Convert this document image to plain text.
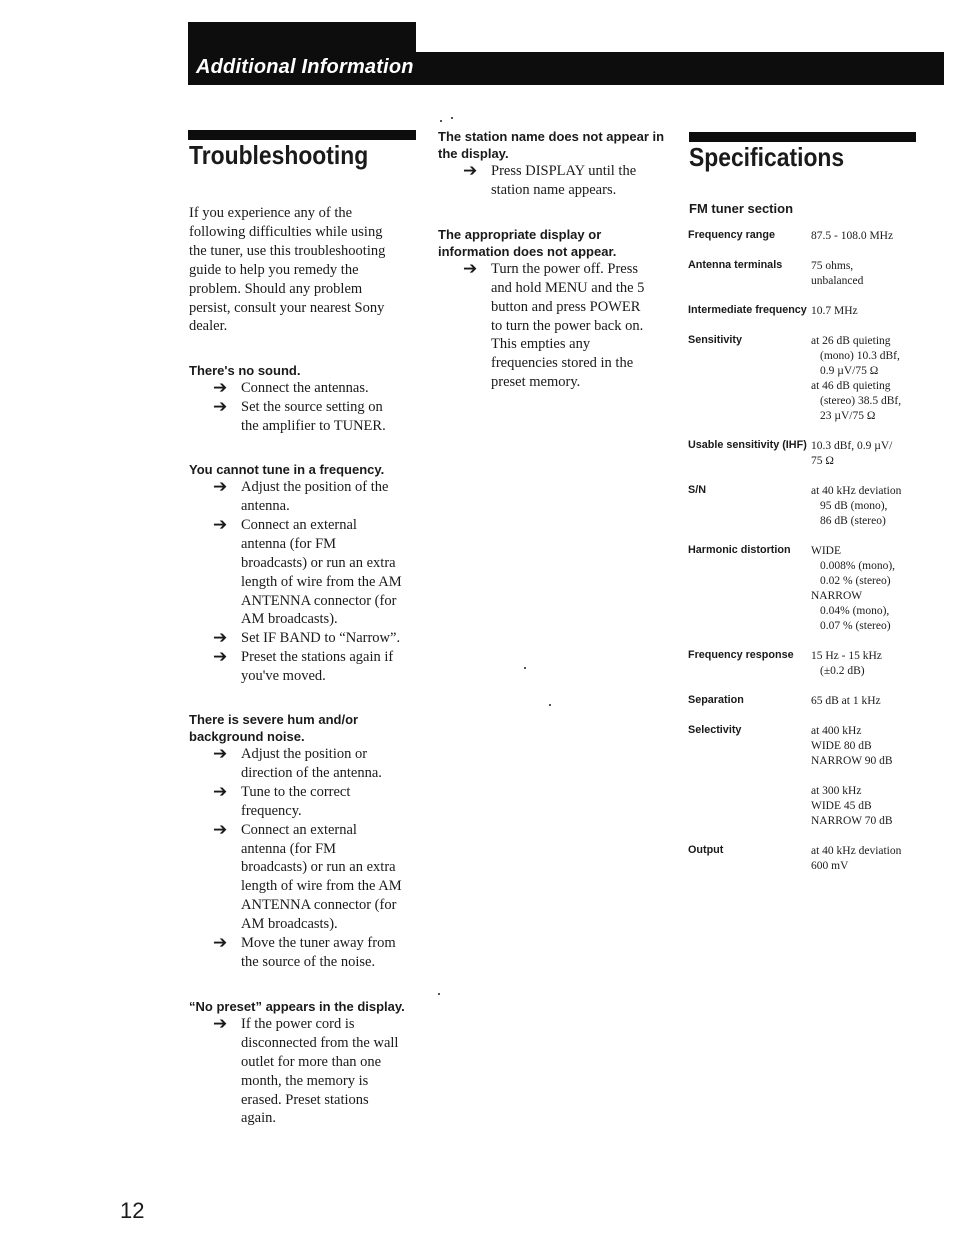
Additional Information
Troubleshooting
If you experience any of the
following difficulties while using
the tuner, use this troubleshooting
guide to help you remedy the
problem. Should any problem
persist, consult your nearest Sony
dealer.
There's no sound.
➔ Connect the antennas.
➔ Set the source setting on
the amplifier to TUNER.
You cannot tune in a frequency.
➔ Adjust the position of the
antenna.
➔ Connect an external
antenna (for FM
broadcasts) or run an extra
length of wire from the AM
ANTENNA connector (for
AM broadcasts).
➔ Set IF BAND to “Narrow”.
➔ Preset the stations again if
you've moved.
There is severe hum and/or
background noise.
➔ Adjust the position or
direction of the antenna.
➔ Tune to the correct
frequency.
➔ Connect an external
antenna (for FM
broadcasts) or run an extra
length of wire from the AM
ANTENNA connector (for
AM broadcasts).
➔ Move the tuner away from
the source of the noise.
“No preset” appears in the display.
➔ If the power cord is
disconnected from the wall
outlet for more than one
month, the memory is
erased. Preset stations
again.
The station name does not appear in
the display.
➔ Press DISPLAY until the
station name appears.
The appropriate display or
information does not appear.
➔ Turn the power off. Press
and hold MENU and the 5
button and press POWER
to turn the power back on.
This empties any
frequencies stored in the
preset memory.
Specifications
FM tuner section
Frequency range	87.5 - 108.0 MHz
Antenna terminals	75 ohms,
unbalanced
Intermediate frequency 10.7 MHz
Sensitivity	at 26 dB quieting
(mono) 10.3 dBf,
0.9 µV/75 Ω
at 46 dB quieting
(stereo) 38.5 dBf,
23 µV/75 Ω
Usable sensitivity (IHF) 10.3 dBf, 0.9 µV/
75 Ω
S/N	at 40 kHz deviation
95 dB (mono),
86 dB (stereo)
Harmonic distortion WIDE
0.008% (mono),
0.02 % (stereo)
NARROW
0.04% (mono),
0.07 % (stereo)
Frequency response 15 Hz - 15 kHz
(±0.2 dB)
Separation	65 dB at 1 kHz
Selectivity	at 400 kHz
WIDE 80 dB
NARROW 90 dB
at 300 kHz
WIDE 45 dB
NARROW 70 dB
Output	at 40 kHz deviation
600 mV
12
